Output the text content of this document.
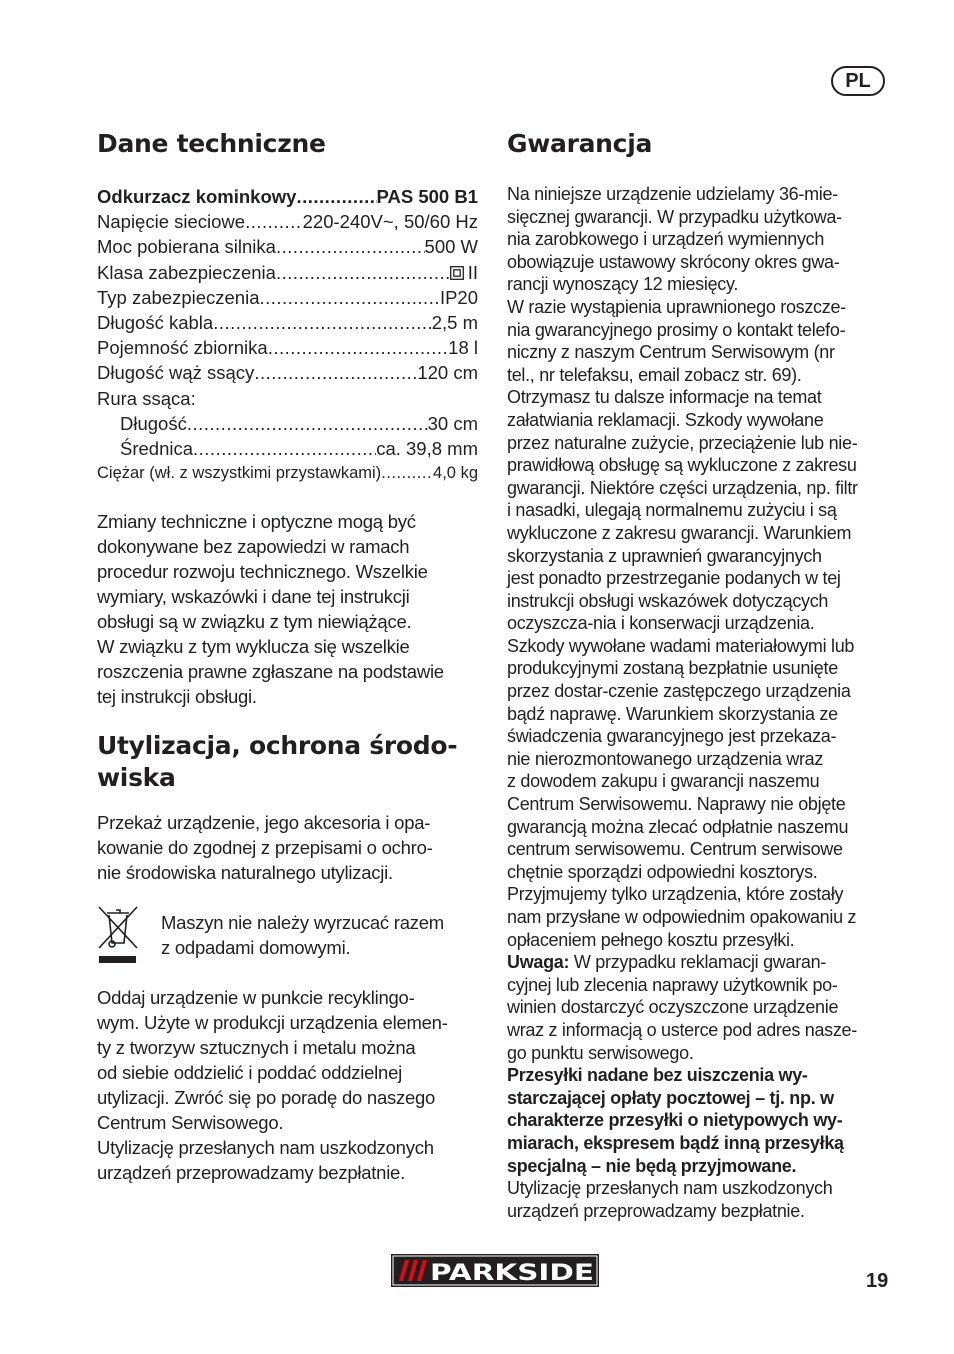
PL
Dane techniczne
Odkurzacz kominkowy .....	PAS 500 B1
Napięcie sieciowe .....	220-240V~, 50/60 Hz
Moc pobierana silnika .....	500 W
Klasa zabezpieczenia .....	II
Typ zabezpieczenia .....	IP20
Długość kabla .....	2,5 m
Pojemność zbiornika .....	18 l
Długość wąż ssący .....	120 cm
Rura ssąca:
Długość .....	30 cm
Średnica .....	ca. 39,8 mm
Ciężar (wł. z wszystkimi przystawkami) .....	4,0 kg
Zmiany techniczne i optyczne mogą być
dokonywane bez zapowiedzi w ramach
procedur rozwoju technicznego. Wszelkie
wymiary, wskazówki i dane tej instrukcji
obsługi są w związku z tym niewiążące.
W związku z tym wyklucza się wszelkie
roszczenia prawne zgłaszane na podstawie
tej instrukcji obsługi.
Utylizacja, ochrona środo-
wiska
Przekaż urządzenie, jego akcesoria i opa-
kowanie do zgodnej z przepisami o ochro-
nie środowiska naturalnego utylizacji.
Maszyn nie należy wyrzucać razem
z odpadami domowymi.
Oddaj urządzenie w punkcie recyklingo-
wym. Użyte w produkcji urządzenia elemen-
ty z tworzyw sztucznych i metalu można
od siebie oddzielić i poddać oddzielnej
utylizacji. Zwróć się po poradę do naszego
Centrum Serwisowego.
Utylizację przesłanych nam uszkodzonych
urządzeń przeprowadzamy bezpłatnie.
Gwarancja
Na niniejsze urządzenie udzielamy 36-mie-
sięcznej gwarancji. W przypadku użytkowa-
nia zarobkowego i urządzeń wymiennych
obowiązuje ustawowy skrócony okres gwa-
rancji wynoszący 12 miesięcy.
W razie wystąpienia uprawnionego roszcze-
nia gwarancyjnego prosimy o kontakt telefo-
niczny z naszym Centrum Serwisowym (nr
tel., nr telefaksu, email zobacz str. 69).
Otrzymasz tu dalsze informacje na temat
załatwiania reklamacji. Szkody wywołane
przez naturalne zużycie, przeciążenie lub nie-
prawidłową obsługę są wykluczone z zakresu
gwarancji. Niektóre części urządzenia, np. filtr
i nasadki, ulegają normalnemu zużyciu i są
wykluczone z zakresu gwarancji. Warunkiem
skorzystania z uprawnień gwarancyjnych
jest ponadto przestrzeganie podanych w tej
instrukcji obsługi wskazówek dotyczących
oczyszcza-nia i konserwacji urządzenia.
Szkody wywołane wadami materiałowymi lub
produkcyjnymi zostaną bezpłatnie usunięte
przez dostar-czenie zastępczego urządzenia
bądź naprawę. Warunkiem skorzystania ze
świadczenia gwarancyjnego jest przekaza-
nie nierozmontowanego urządzenia wraz
z dowodem zakupu i gwarancji naszemu
Centrum Serwisowemu. Naprawy nie objęte
gwarancją można zlecać odpłatnie naszemu
centrum serwisowemu. Centrum serwisowe
chętnie sporządzi odpowiedni kosztorys.
Przyjmujemy tylko urządzenia, które zostały
nam przysłane w odpowiednim opakowaniu z
opłaceniem pełnego kosztu przesyłki.
Uwaga: W przypadku reklamacji gwaran-
cyjnej lub zlecenia naprawy użytkownik po-
winien dostarczyć oczyszczone urządzenie
wraz z informacją o usterce pod adres nasze-
go punktu serwisowego.
Przesyłki nadane bez uiszczenia wy-
starczającej opłaty pocztowej – tj. np. w
charakterze przesyłki o nietypowych wy-
miarach, ekspresem bądź inną przesyłką
specjalną – nie będą przyjmowane.
Utylizację przesłanych nam uszkodzonych
urządzeń przeprowadzamy bezpłatnie.
PARKSIDE	19
